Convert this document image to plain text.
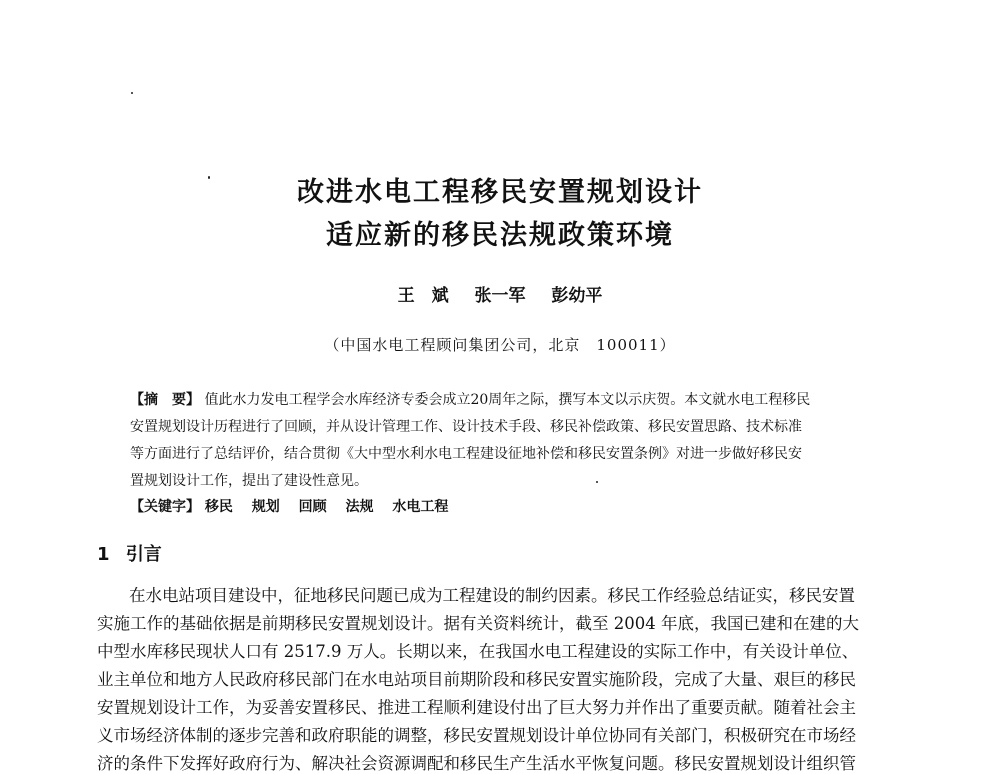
改进水电工程移民安置规划设计
适应新的移民法规政策环境
王　斌 张一军 彭幼平
（中国水电工程顾问集团公司，北京　100011）
【摘　要】 值此水力发电工程学会水库经济专委会成立20周年之际，撰写本文以示庆贺。本文就水电工程移民
安置规划设计历程进行了回顾，并从设计管理工作、设计技术手段、移民补偿政策、移民安置思路、技术标准
等方面进行了总结评价，结合贯彻《大中型水利水电工程建设征地补偿和移民安置条例》对进一步做好移民安
置规划设计工作，提出了建设性意见。
【关键字】 移民 规划 回顾 法规 水电工程
1 引言
在水电站项目建设中，征地移民问题已成为工程建设的制约因素。移民工作经验总结证实，移民安置
实施工作的基础依据是前期移民安置规划设计。据有关资料统计，截至 2004 年底，我国已建和在建的大
中型水库移民现状人口有 2517.9 万人。长期以来，在我国水电工程建设的实际工作中，有关设计单位、
业主单位和地方人民政府移民部门在水电站项目前期阶段和移民安置实施阶段，完成了大量、艰巨的移民
安置规划设计工作，为妥善安置移民、推进工程顺利建设付出了巨大努力并作出了重要贡献。随着社会主
义市场经济体制的逐步完善和政府职能的调整，移民安置规划设计单位协同有关部门，积极研究在市场经
济的条件下发挥好政府行为、解决社会资源调配和移民生产生活水平恢复问题。移民安置规划设计组织管
